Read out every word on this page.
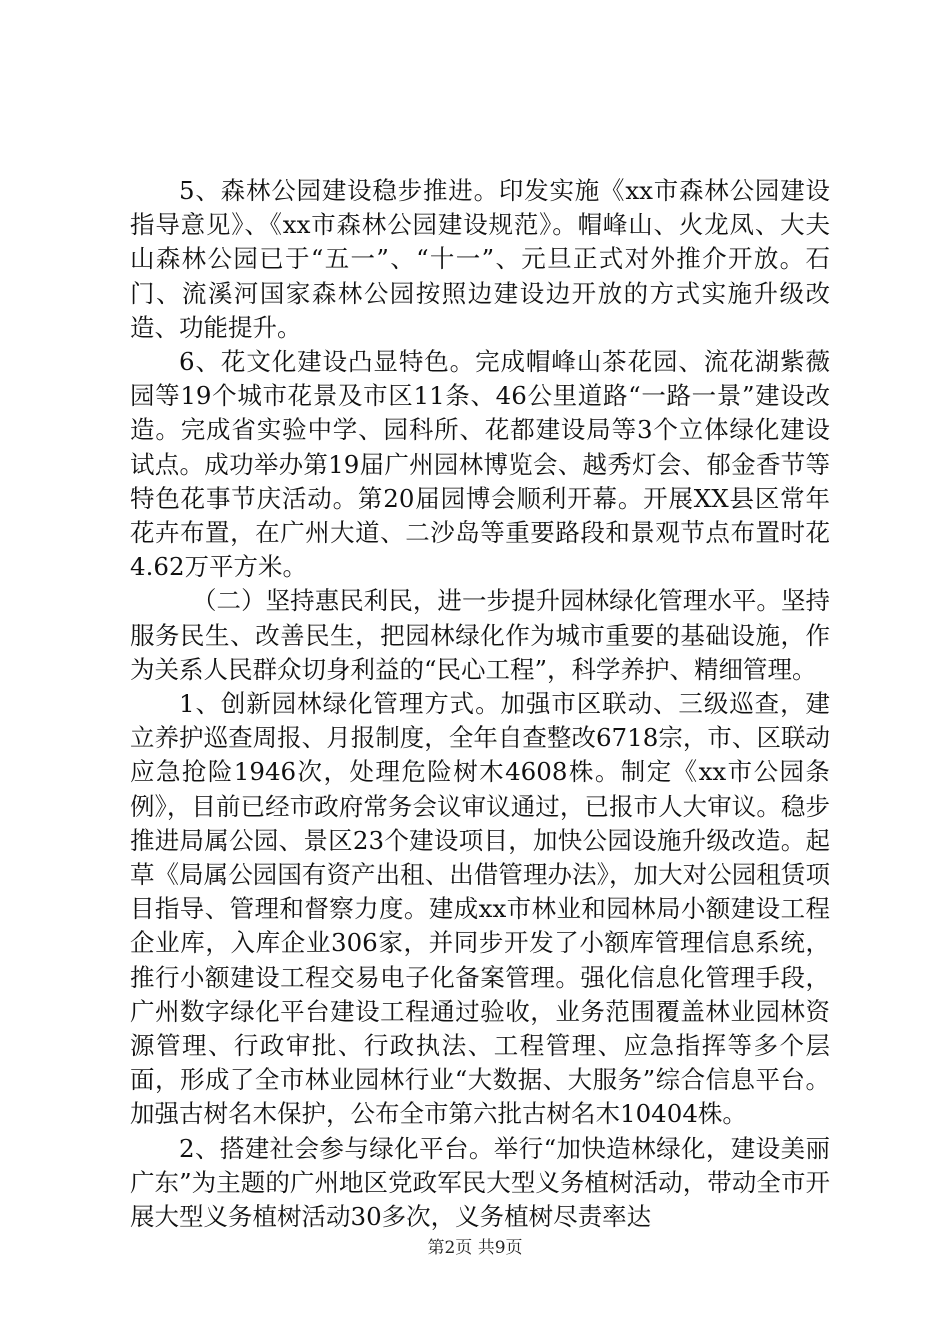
5、森林公园建设稳步推进。印发实施《xx市森林公园建设指导意见》、《xx市森林公园建设规范》。帽峰山、火龙凤、大夫山森林公园已于“五一”、“十一”、元旦正式对外推介开放。石门、流溪河国家森林公园按照边建设边开放的方式实施升级改造、功能提升。

6、花文化建设凸显特色。完成帽峰山茶花园、流花湖紫薇园等19个城市花景及市区11条、46公里道路“一路一景”建设改造。完成省实验中学、园科所、花都建设局等3个立体绿化建设试点。成功举办第19届广州园林博览会、越秀灯会、郁金香节等特色花事节庆活动。第20届园博会顺利开幕。开展XX县区常年花卉布置，在广州大道、二沙岛等重要路段和景观节点布置时花4.62万平方米。

（二）坚持惠民利民，进一步提升园林绿化管理水平。坚持服务民生、改善民生，把园林绿化作为城市重要的基础设施，作为关系人民群众切身利益的“民心工程”，科学养护、精细管理。

1、创新园林绿化管理方式。加强市区联动、三级巡查，建立养护巡查周报、月报制度，全年自查整改6718宗，市、区联动应急抢险1946次，处理危险树木4608株。制定《xx市公园条例》，目前已经市政府常务会议审议通过，已报市人大审议。稳步推进局属公园、景区23个建设项目，加快公园设施升级改造。起草《局属公园国有资产出租、出借管理办法》，加大对公园租赁项目指导、管理和督察力度。建成xx市林业和园林局小额建设工程企业库，入库企业306家，并同步开发了小额库管理信息系统，推行小额建设工程交易电子化备案管理。强化信息化管理手段，广州数字绿化平台建设工程通过验收，业务范围覆盖林业园林资源管理、行政审批、行政执法、工程管理、应急指挥等多个层面，形成了全市林业园林行业“大数据、大服务”综合信息平台。加强古树名木保护，公布全市第六批古树名木10404株。

2、搭建社会参与绿化平台。举行“加快造林绿化，建设美丽广东”为主题的广州地区党政军民大型义务植树活动，带动全市开展大型义务植树活动30多次，义务植树尽责率达

第2页 共9页
